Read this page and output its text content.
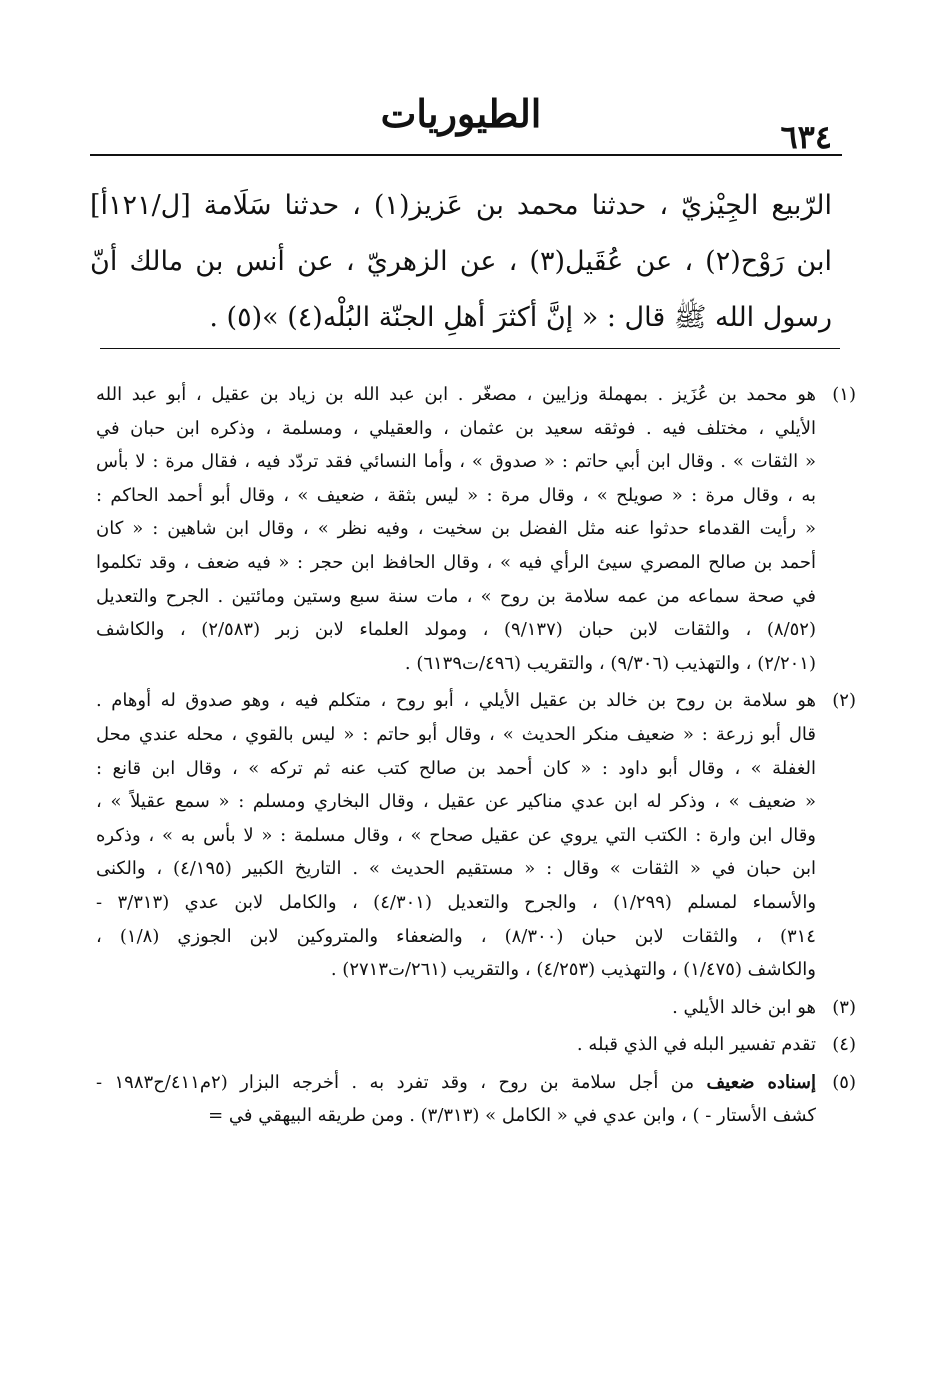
٦٣٤
الطيوريات
الرّبيع الجِيْزيّ ، حدثنا محمد بن عَزيز(١) ، حدثنا سَلَامة [ل/١٢١أ]
ابن رَوْح(٢) ، عن عُقَيل(٣) ، عن الزهريّ ، عن أنس بن مالك أنّ
رسول الله ﷺ قال : « إنَّ أكثرَ أهلِ الجنّة البُلْه(٤) »(٥) .
(١)
هو محمد بن عُزَيز . بمهملة وزايين ، مصغّر . ابن عبد الله بن زياد بن عقيل ، أبو عبد الله
الأيلي ، مختلف فيه . فوثقه سعيد بن عثمان ، والعقيلي ، ومسلمة ، وذكره ابن حبان في
« الثقات » . وقال ابن أبي حاتم : « صدوق » ، وأما النسائي فقد تردّد فيه ، فقال مرة : لا بأس
به ، وقال مرة : « صويلح » ، وقال مرة : « ليس بثقة ، ضعيف » ، وقال أبو أحمد الحاكم :
« رأيت القدماء حدثوا عنه مثل الفضل بن سخيت ، وفيه نظر » ، وقال ابن شاهين : « كان
أحمد بن صالح المصري سيئ الرأي فيه » ، وقال الحافظ ابن حجر : « فيه ضعف ، وقد تكلموا
في صحة سماعه من عمه سلامة بن روح » ، مات سنة سبع وستين ومائتين . الجرح والتعديل
(٨/٥٢) ، والثقات لابن حبان (٩/١٣٧) ، ومولد العلماء لابن زبر (٢/٥٨٣) ، والكاشف
(٢/٢٠١) ، والتهذيب (٩/٣٠٦) ، والتقريب (٤٩٦/ت٦١٣٩) .
(٢)
هو سلامة بن روح بن خالد بن عقيل الأيلي ، أبو روح ، متكلم فيه ، وهو صدوق له أوهام .
قال أبو زرعة : « ضعيف منكر الحديث » ، وقال أبو حاتم : « ليس بالقوي ، محله عندي محل
الغفلة » ، وقال أبو داود : « كان أحمد بن صالح كتب عنه ثم تركه » ، وقال ابن قانع :
« ضعيف » ، وذكر له ابن عدي مناكير عن عقيل ، وقال البخاري ومسلم : « سمع عقيلاً » ،
وقال ابن وارة : الكتب التي يروي عن عقيل صحاح » ، وقال مسلمة : « لا بأس به » ، وذكره
ابن حبان في « الثقات » وقال : « مستقيم الحديث » . التاريخ الكبير (٤/١٩٥) ، والكنى
والأسماء لمسلم (١/٢٩٩) ، والجرح والتعديل (٤/٣٠١) ، والكامل لابن عدي (٣/٣١٣ -
٣١٤) ، والثقات لابن حبان (٨/٣٠٠) ، والضعفاء والمتروكين لابن الجوزي (١/٨) ،
والكاشف (١/٤٧٥) ، والتهذيب (٤/٢٥٣) ، والتقريب (٢٦١/ت٢٧١٣) .
(٣)
هو ابن خالد الأيلي .
(٤)
تقدم تفسير البله في الذي قبله .
(٥)
إسناده ضعيف من أجل سلامة بن روح ، وقد تفرد به . أخرجه البزار (٢م٤١١/ح١٩٨٣ -
كشف الأستار - ) ، وابن عدي في « الكامل » (٣/٣١٣) . ومن طريقه البيهقي في =
